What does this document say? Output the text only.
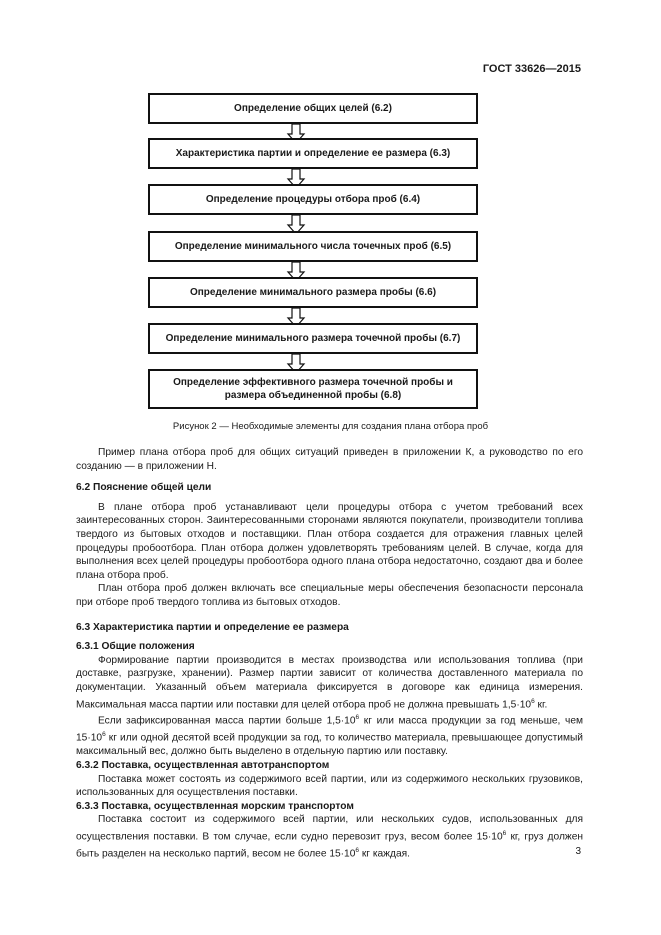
ГОСТ 33626—2015
Определение общих целей (6.2)
Характеристика партии и определение ее размера (6.3)
Определение процедуры отбора проб (6.4)
Определение минимального числа точечных проб (6.5)
Определение минимального размера пробы (6.6)
Определение минимального размера точечной пробы (6.7)
Определение эффективного размера точечной пробы и размера объединенной пробы (6.8)
Рисунок 2 — Необходимые элементы для создания плана отбора проб

Пример плана отбора проб для общих ситуаций приведен в приложении К, а руководство по его созданию — в приложении Н.

6.2 Пояснение общей цели

В плане отбора проб устанавливают цели процедуры отбора с учетом требований всех заинтересованных сторон. Заинтересованными сторонами являются покупатели, производители топлива твердого из бытовых отходов и поставщики. План отбора создается для отражения главных целей процедуры пробоотбора. План отбора должен удовлетворять требованиям целей. В случае, когда для выполнения всех целей процедуры пробоотбора одного плана отбора недостаточно, создают два и более плана отбора проб.

План отбора проб должен включать все специальные меры обеспечения безопасности персонала при отборе проб твердого топлива из бытовых отходов.

6.3 Характеристика партии и определение ее размера

6.3.1 Общие положения

Формирование партии производится в местах производства или использования топлива (при доставке, разгрузке, хранении). Размер партии зависит от количества доставленного материала по документации. Указанный объем материала фиксируется в договоре как единица измерения. Максимальная масса партии или поставки для целей отбора проб не должна превышать $1,5\cdot 10^6$ кг.

Если зафиксированная масса партии больше $1,5\cdot 10^6$ кг или масса продукции за год меньше, чем $15\cdot 10^6$ кг или одной десятой всей продукции за год, то количество материала, превышающее допустимый максимальный вес, должно быть выделено в отдельную партию или поставку.

6.3.2 Поставка, осуществленная автотранспортом

Поставка может состоять из содержимого всей партии, или из содержимого нескольких грузовиков, использованных для осуществления поставки.

6.3.3 Поставка, осуществленная морским транспортом

Поставка состоит из содержимого всей партии, или нескольких судов, использованных для осуществления поставки. В том случае, если судно перевозит груз, весом более $15\cdot 10^6$ кг, груз должен быть разделен на несколько партий, весом не более $15\cdot 10^6$ кг каждая.	3
